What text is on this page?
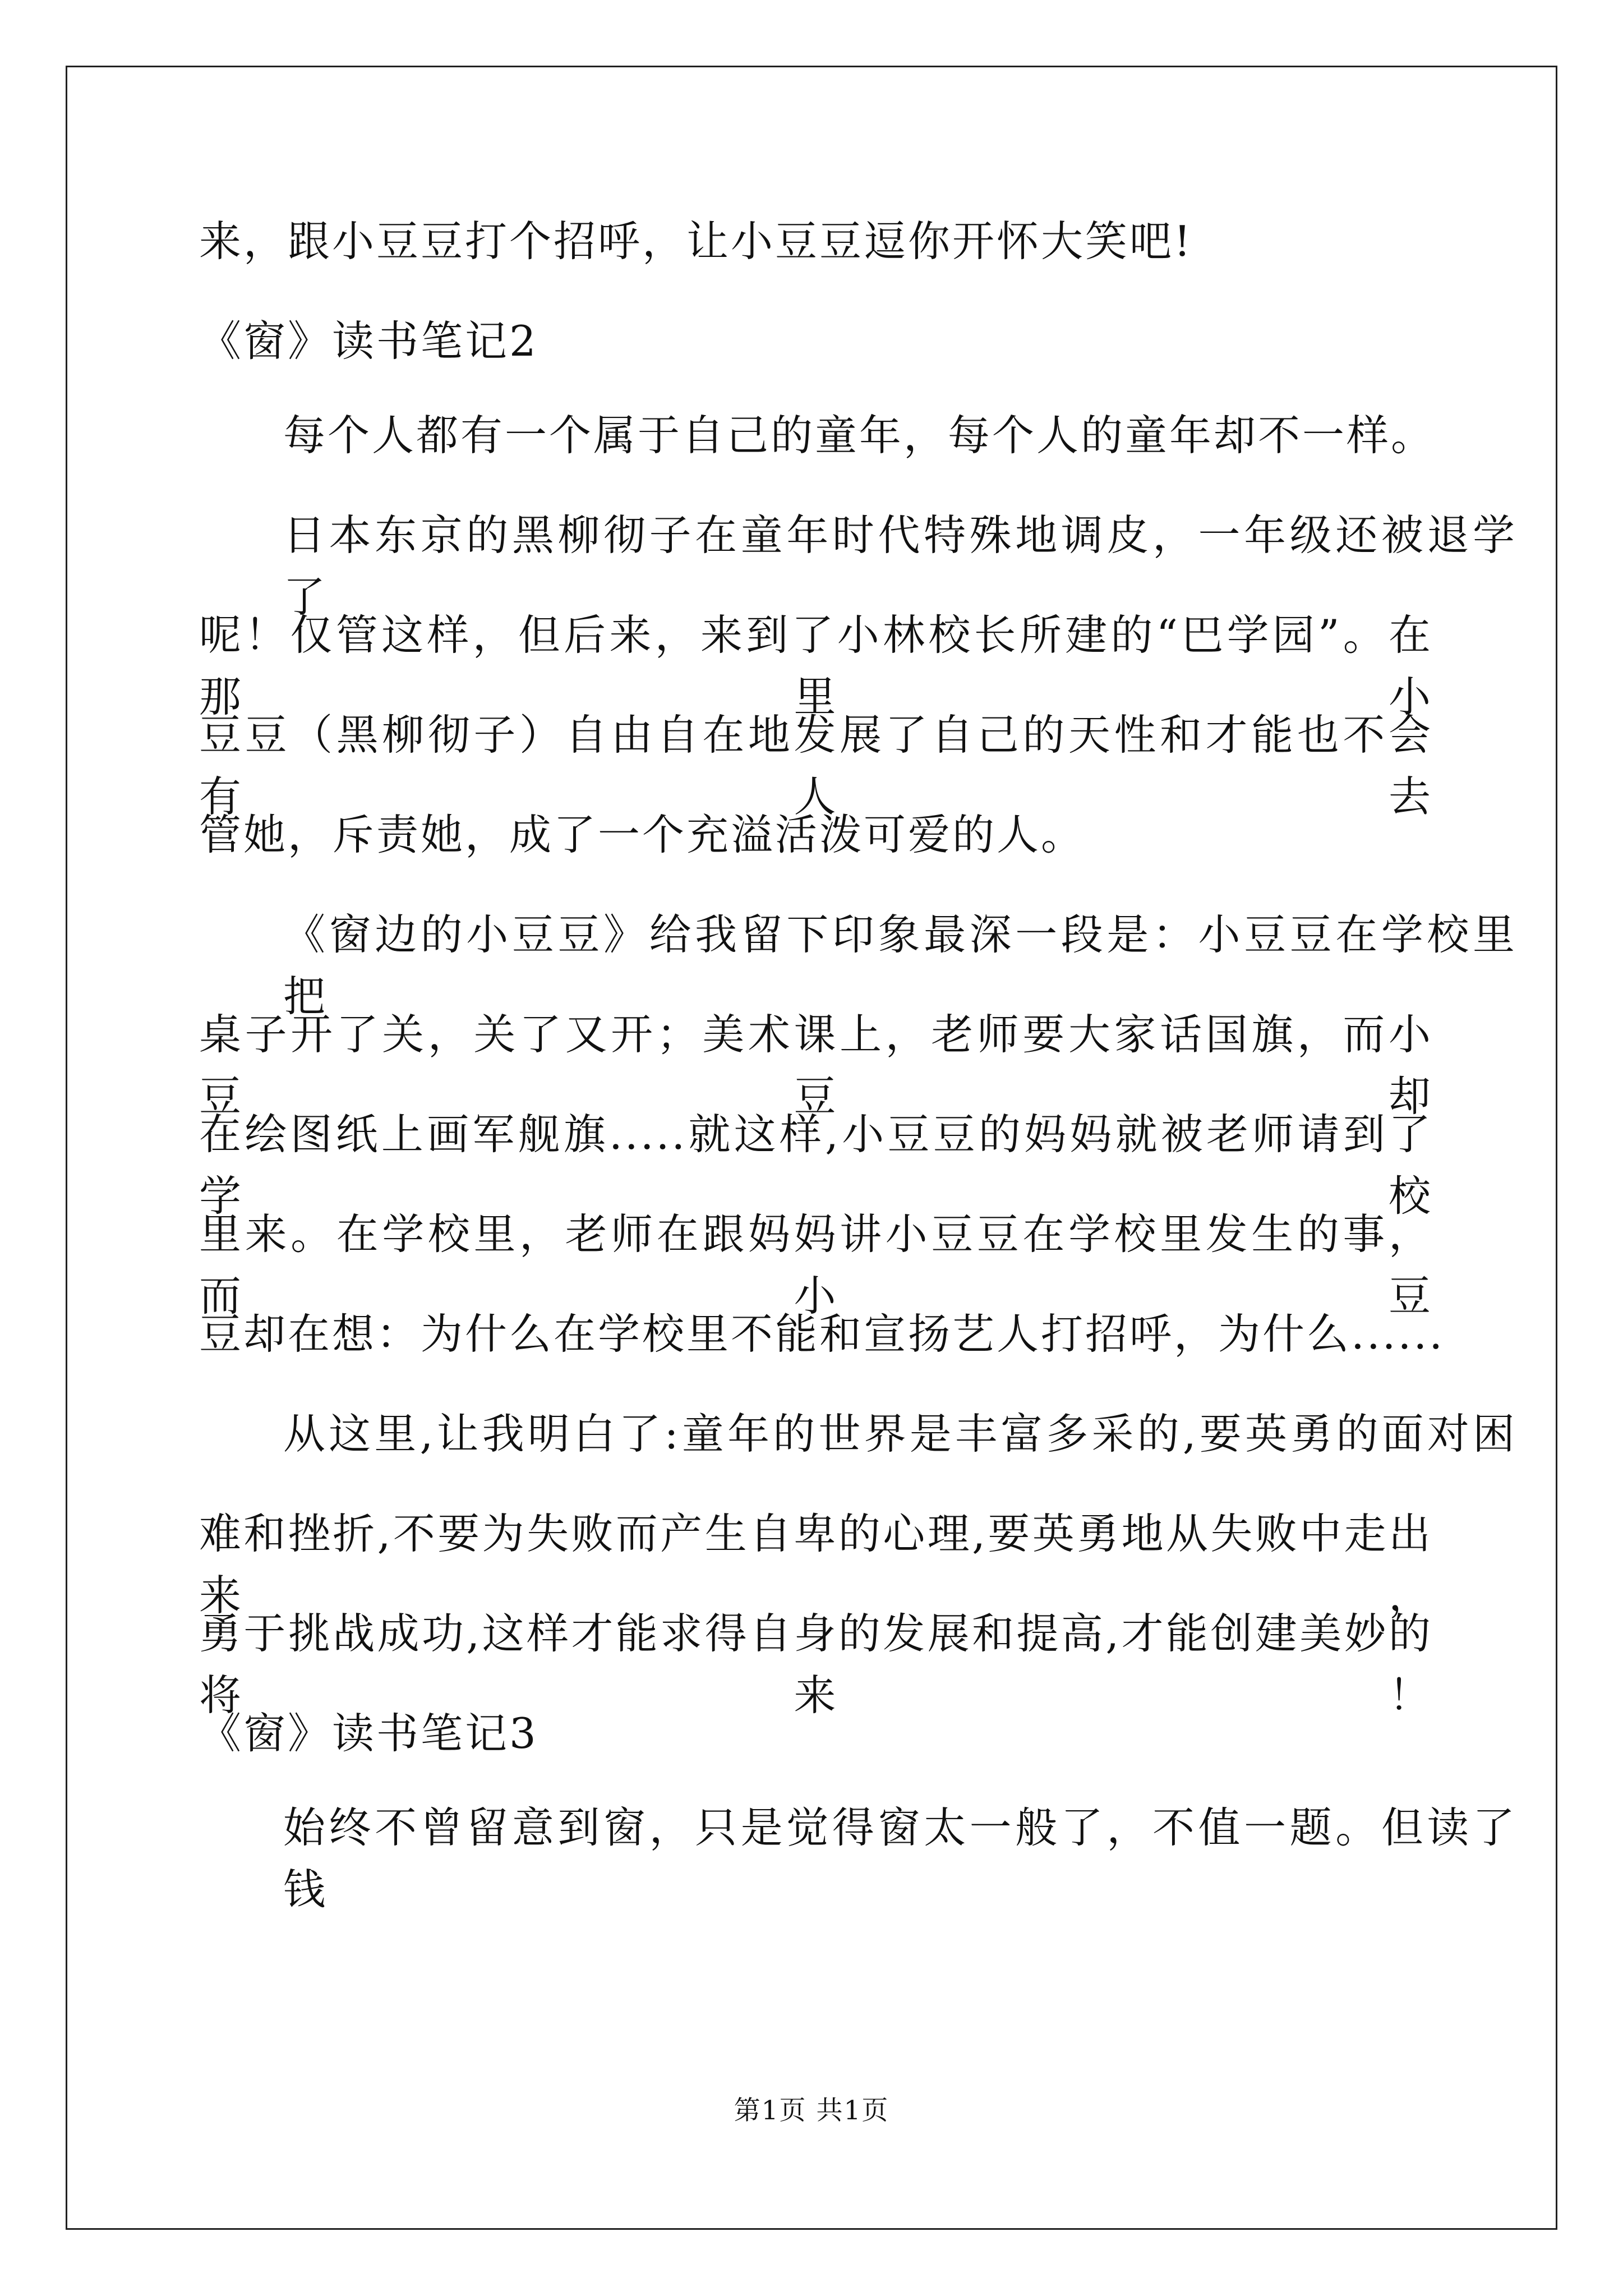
来，跟小豆豆打个招呼，让小豆豆逗你开怀大笑吧!
《窗》读书笔记2
每个人都有一个属于自己的童年，每个人的童年却不一样。
日本东京的黑柳彻子在童年时代特殊地调皮，一年级还被退学了
呢！仅管这样，但后来，来到了小林校长所建的“巴学园”。在那里小
豆豆（黑柳彻子）自由自在地发展了自己的天性和才能也不会有人去
管她，斥责她，成了一个充溢活泼可爱的人。
《窗边的小豆豆》给我留下印象最深一段是：小豆豆在学校里把
桌子开了关，关了又开；美术课上，老师要大家话国旗，而小豆豆却
在绘图纸上画军舰旗.....就这样,小豆豆的妈妈就被老师请到了学校
里来。在学校里，老师在跟妈妈讲小豆豆在学校里发生的事，而小豆
豆却在想：为什么在学校里不能和宣扬艺人打招呼，为什么......
从这里,让我明白了:童年的世界是丰富多采的,要英勇的面对困
难和挫折,不要为失败而产生自卑的心理,要英勇地从失败中走出来，
勇于挑战成功,这样才能求得自身的发展和提高,才能创建美妙的将来！
《窗》读书笔记3
始终不曾留意到窗，只是觉得窗太一般了，不值一题。但读了钱
第1页 共1页
